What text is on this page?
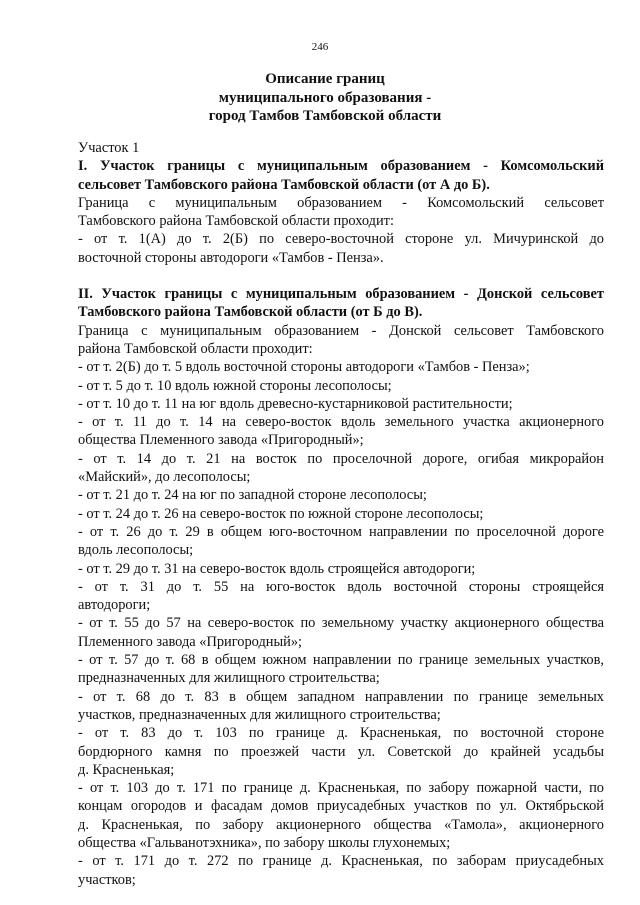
246
Описание границ
муниципального образования -
город Тамбов Тамбовской области
Участок 1
I. Участок границы с муниципальным образованием - Комсомольский
сельсовет Тамбовского района Тамбовской области (от А до Б).
Граница с муниципальным образованием - Комсомольский сельсовет
Тамбовского района Тамбовской области проходит:
- от т. 1(А) до т. 2(Б) по северо-восточной стороне ул. Мичуринской до
восточной стороны автодороги «Тамбов - Пенза».
II. Участок границы с муниципальным образованием - Донской сельсовет
Тамбовского района Тамбовской области (от Б до В).
Граница с муниципальным образованием - Донской сельсовет Тамбовского
района Тамбовской области проходит:
- от т. 2(Б) до т. 5 вдоль восточной стороны автодороги «Тамбов - Пенза»;
- от т. 5 до т. 10 вдоль южной стороны лесополосы;
- от т. 10 до т. 11 на юг вдоль древесно-кустарниковой растительности;
- от т. 11 до т. 14 на северо-восток вдоль земельного участка акционерного
общества Племенного завода «Пригородный»;
- от т. 14 до т. 21 на восток по проселочной дороге, огибая микрорайон
«Майский», до лесополосы;
- от т. 21 до т. 24 на юг по западной стороне лесополосы;
- от т. 24 до т. 26 на северо-восток по южной стороне лесополосы;
- от т. 26 до т. 29 в общем юго-восточном направлении по проселочной дороге
вдоль лесополосы;
- от т. 29 до т. 31 на северо-восток вдоль строящейся автодороги;
- от т. 31 до т. 55 на юго-восток вдоль восточной стороны строящейся
автодороги;
- от т. 55 до 57 на северо-восток по земельному участку акционерного общества
Племенного завода «Пригородный»;
- от т. 57 до т. 68 в общем южном направлении по границе земельных участков,
предназначенных для жилищного строительства;
- от т. 68 до т. 83 в общем западном направлении по границе земельных
участков, предназначенных для жилищного строительства;
- от т. 83 до т. 103 по границе д. Красненькая, по восточной стороне
бордюрного камня по проезжей части ул. Советской до крайней усадьбы
д. Красненькая;
- от т. 103 до т. 171 по границе д. Красненькая, по забору пожарной части, по
концам огородов и фасадам домов приусадебных участков по ул. Октябрьской
д. Красненькая, по забору акционерного общества «Тамола», акционерного
общества «Гальванотэхника», по забору школы глухонемых;
- от т. 171 до т. 272 по границе д. Красненькая, по заборам приусадебных
участков;
